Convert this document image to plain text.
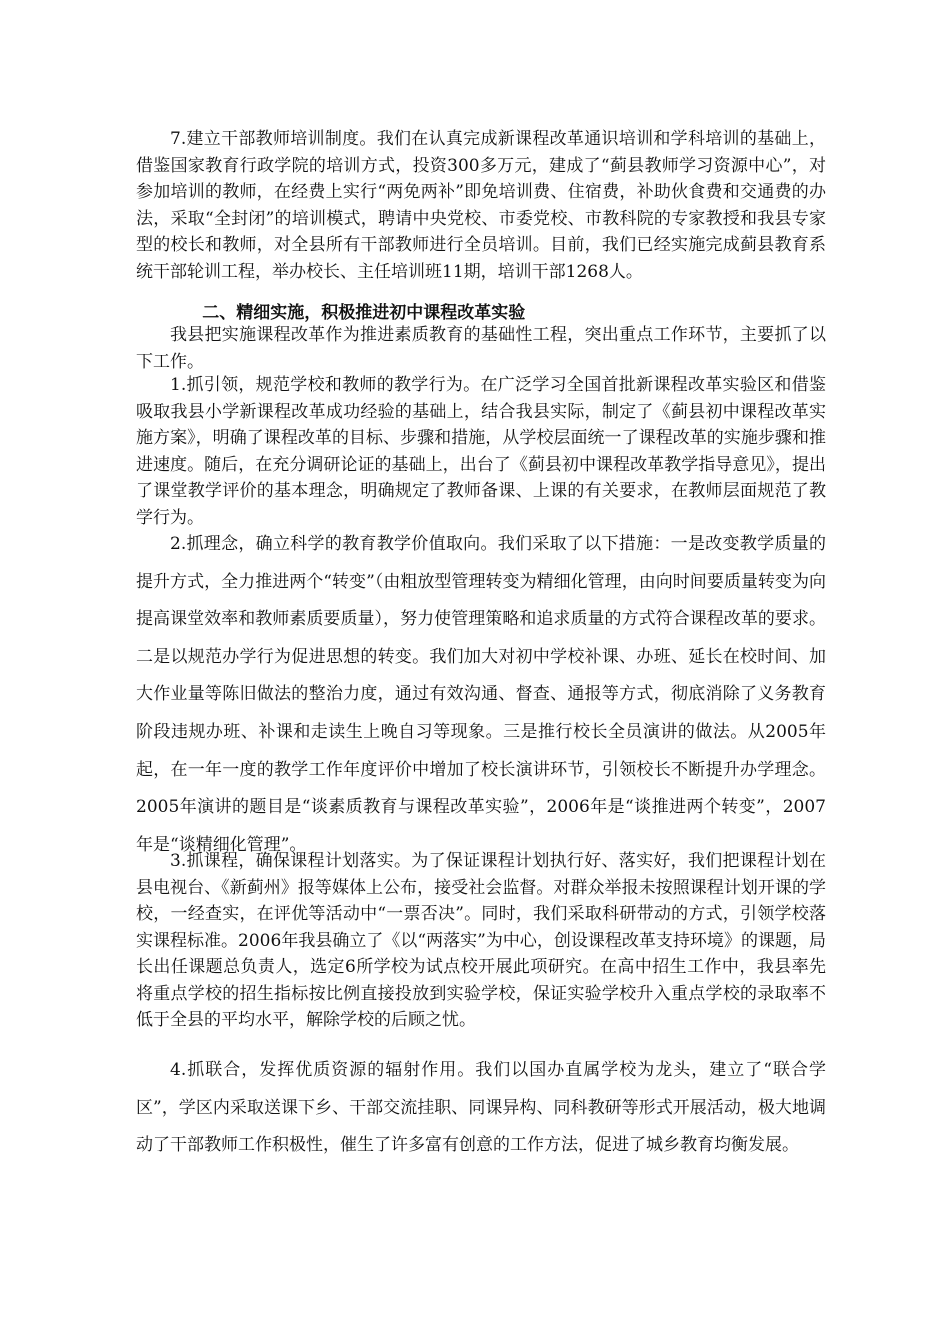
7.建立干部教师培训制度。我们在认真完成新课程改革通识培训和学科培训的基础上，借鉴国家教育行政学院的培训方式，投资300多万元，建成了“蓟县教师学习资源中心”，对参加培训的教师，在经费上实行“两免两补”即免培训费、住宿费，补助伙食费和交通费的办法，采取“全封闭”的培训模式，聘请中央党校、市委党校、市教科院的专家教授和我县专家型的校长和教师，对全县所有干部教师进行全员培训。目前，我们已经实施完成蓟县教育系统干部轮训工程，举办校长、主任培训班11期，培训干部1268人。

二、精细实施，积极推进初中课程改革实验

我县把实施课程改革作为推进素质教育的基础性工程，突出重点工作环节，主要抓了以下工作。

1.抓引领，规范学校和教师的教学行为。在广泛学习全国首批新课程改革实验区和借鉴吸取我县小学新课程改革成功经验的基础上，结合我县实际，制定了《蓟县初中课程改革实施方案》，明确了课程改革的目标、步骤和措施，从学校层面统一了课程改革的实施步骤和推进速度。随后，在充分调研论证的基础上，出台了《蓟县初中课程改革教学指导意见》，提出了课堂教学评价的基本理念，明确规定了教师备课、上课的有关要求，在教师层面规范了教学行为。

2.抓理念，确立科学的教育教学价值取向。我们采取了以下措施：一是改变教学质量的提升方式，全力推进两个“转变”（由粗放型管理转变为精细化管理，由向时间要质量转变为向提高课堂效率和教师素质要质量），努力使管理策略和追求质量的方式符合课程改革的要求。二是以规范办学行为促进思想的转变。我们加大对初中学校补课、办班、延长在校时间、加大作业量等陈旧做法的整治力度，通过有效沟通、督查、通报等方式，彻底消除了义务教育阶段违规办班、补课和走读生上晚自习等现象。三是推行校长全员演讲的做法。从2005年起，在一年一度的教学工作年度评价中增加了校长演讲环节，引领校长不断提升办学理念。2005年演讲的题目是“谈素质教育与课程改革实验”，2006年是“谈推进两个转变”，2007年是“谈精细化管理”。

3.抓课程，确保课程计划落实。为了保证课程计划执行好、落实好，我们把课程计划在县电视台、《新蓟州》报等媒体上公布，接受社会监督。对群众举报未按照课程计划开课的学校，一经查实，在评优等活动中“一票否决”。同时，我们采取科研带动的方式，引领学校落实课程标准。2006年我县确立了《以“两落实”为中心，创设课程改革支持环境》的课题，局长出任课题总负责人，选定6所学校为试点校开展此项研究。在高中招生工作中，我县率先将重点学校的招生指标按比例直接投放到实验学校，保证实验学校升入重点学校的录取率不低于全县的平均水平，解除学校的后顾之忧。

4.抓联合，发挥优质资源的辐射作用。我们以国办直属学校为龙头，建立了“联合学区”，学区内采取送课下乡、干部交流挂职、同课异构、同科教研等形式开展活动，极大地调动了干部教师工作积极性，催生了许多富有创意的工作方法，促进了城乡教育均衡发展。
